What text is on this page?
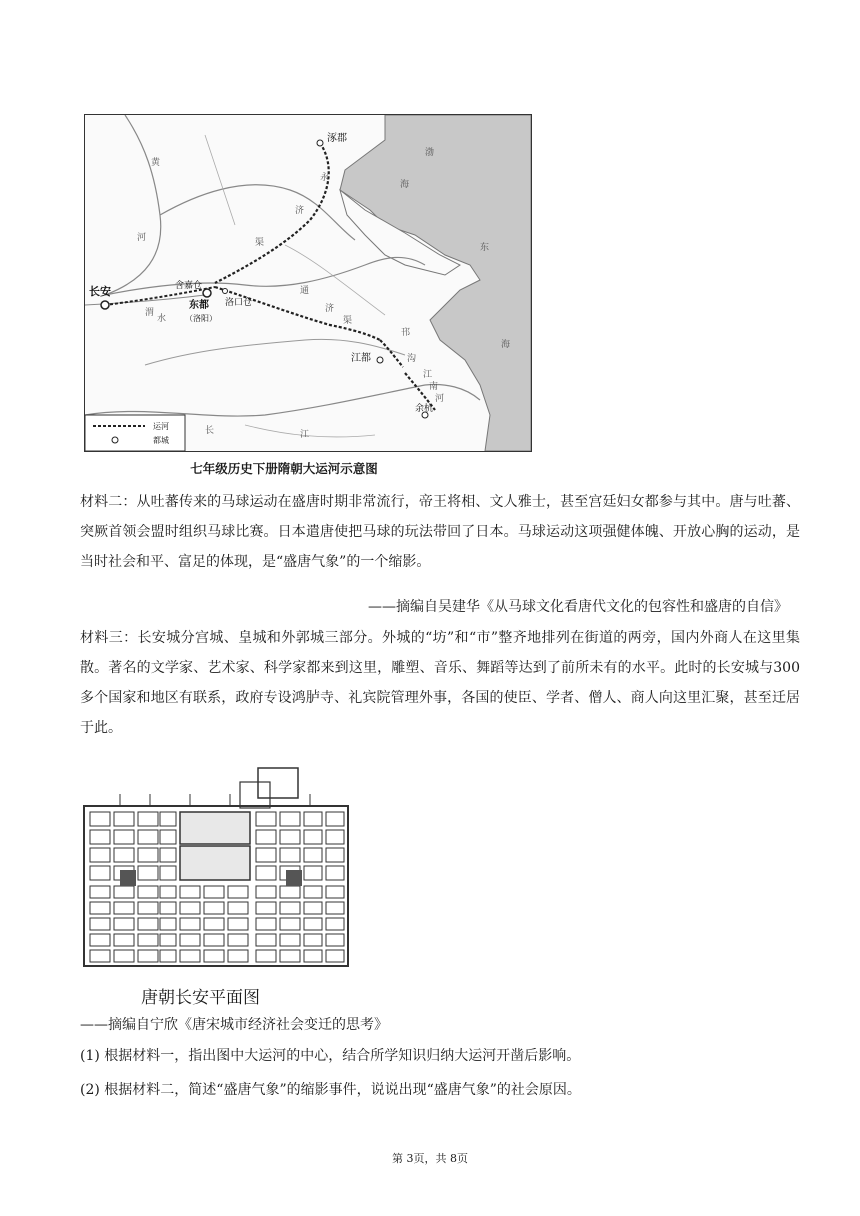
涿郡
长安	含嘉仓
东都
（洛阳）
洛口仓
江都
余杭
渤
海
东
海
黄
河
永
济
渠
通
济
渠
邗
沟
江
南
河
长	江
渭
水
运河
都城
七年级历史下册隋朝大运河示意图
材料二：从吐蕃传来的马球运动在盛唐时期非常流行，帝王将相、文人雅士，甚至宫廷妇女都参与其中。唐与吐蕃、突厥首领会盟时组织马球比赛。日本遣唐使把马球的玩法带回了日本。马球运动这项强健体魄、开放心胸的运动，是当时社会和平、富足的体现，是“盛唐气象”的一个缩影。
——摘编自吴建华《从马球文化看唐代文化的包容性和盛唐的自信》
材料三：长安城分宫城、皇城和外郭城三部分。外城的“坊”和“市”整齐地排列在街道的两旁，国内外商人在这里集散。著名的文学家、艺术家、科学家都来到这里，雕塑、音乐、舞蹈等达到了前所未有的水平。此时的长安城与300多个国家和地区有联系，政府专设鸿胪寺、礼宾院管理外事，各国的使臣、学者、僧人、商人向这里汇聚，甚至迁居于此。
唐朝长安平面图
——摘编自宁欣《唐宋城市经济社会变迁的思考》
(1) 根据材料一，指出图中大运河的中心，结合所学知识归纳大运河开凿后影响。
(2) 根据材料二，简述“盛唐气象”的缩影事件，说说出现“盛唐气象”的社会原因。
第 3页，共 8页
